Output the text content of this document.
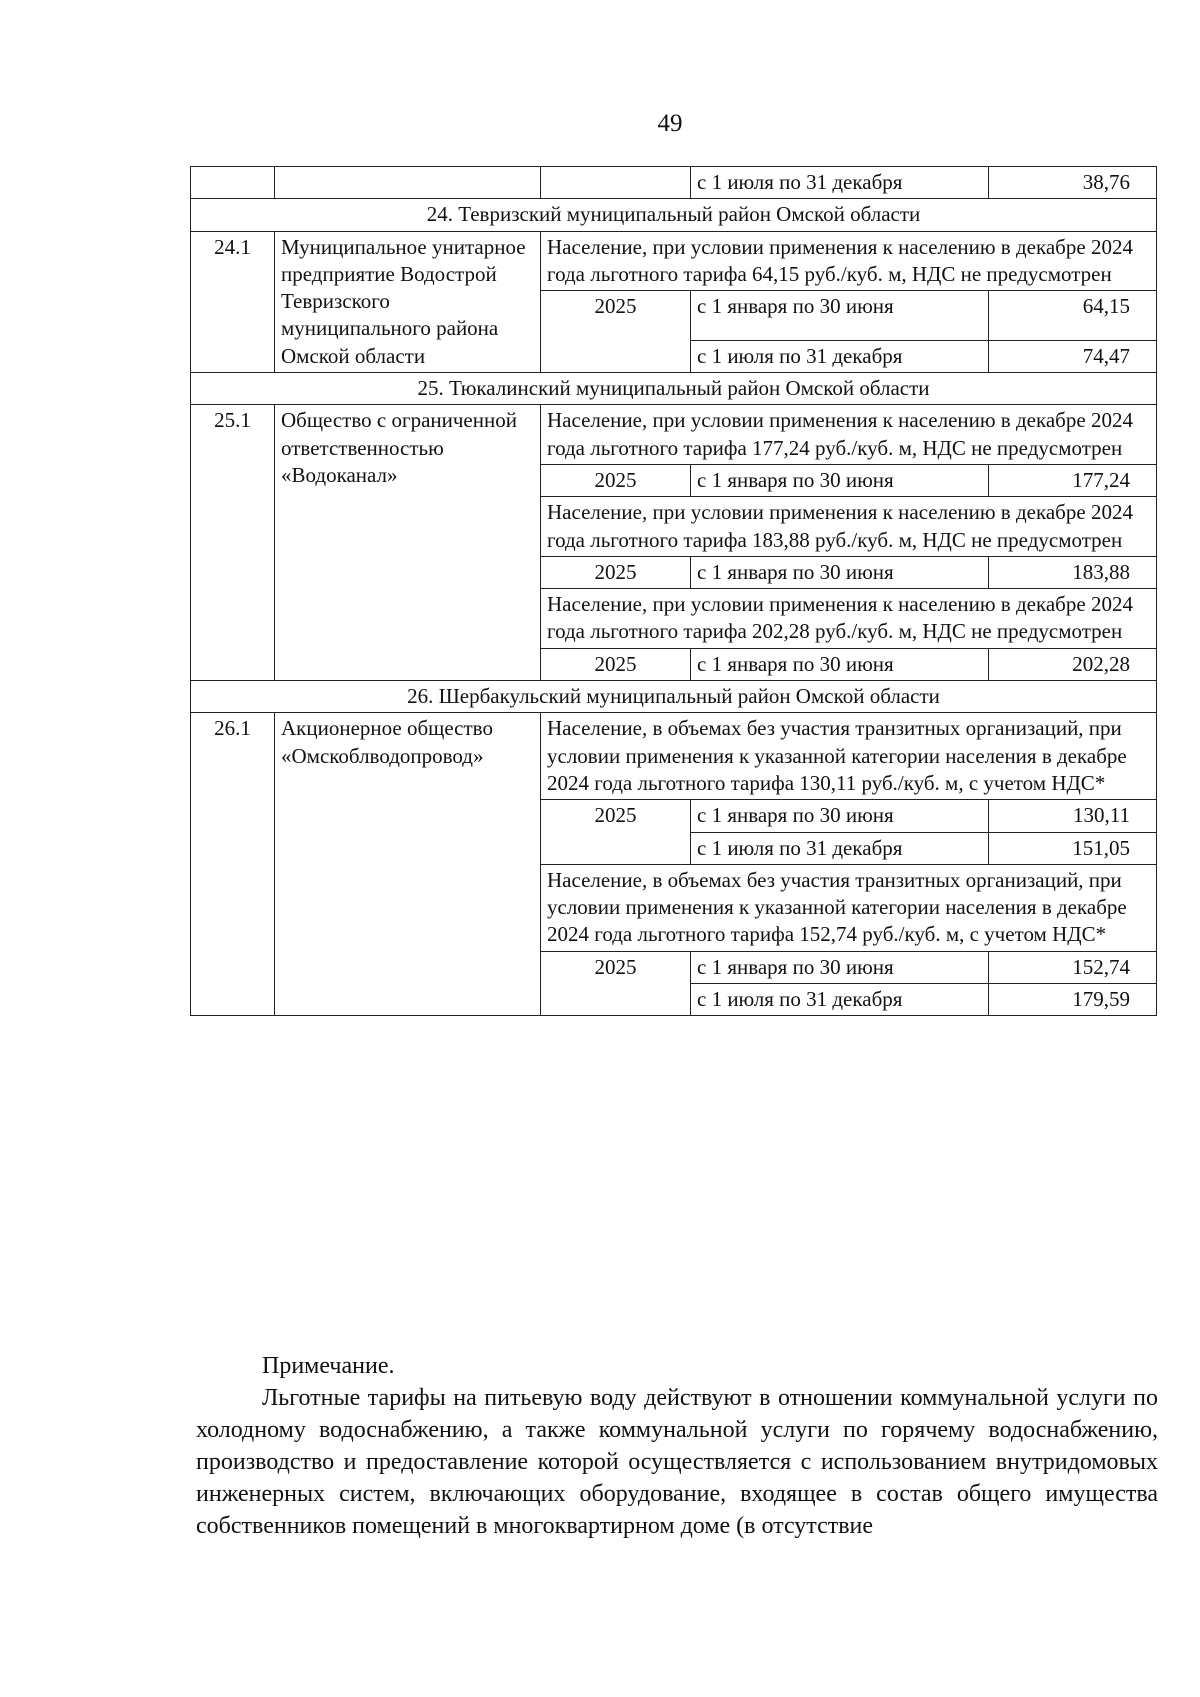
49
			с 1 июля по 31 декабря	38,76
24. Тевризский муниципальный район Омской области				
24.1	Муниципальное унитарное предприятие Водострой Тевризского муниципального района Омской области	Население, при условии применения к населению в декабре 2024 года льготного тарифа 64,15 руб./куб. м, НДС не предусмотрен		
		2025	с 1 января по 30 июня	64,15
			с 1 июля по 31 декабря	74,47
25. Тюкалинский муниципальный район Омской области				
25.1	Общество с ограниченной ответственностью «Водоканал»	Население, при условии применения к населению в декабре 2024 года льготного тарифа 177,24 руб./куб. м, НДС не предусмотрен		
		2025	с 1 января по 30 июня	177,24
		Население, при условии применения к населению в декабре 2024 года льготного тарифа 183,88 руб./куб. м, НДС не предусмотрен		
		2025	с 1 января по 30 июня	183,88
		Население, при условии применения к населению в декабре 2024 года льготного тарифа 202,28 руб./куб. м, НДС не предусмотрен		
		2025	с 1 января по 30 июня	202,28
26. Шербакульский муниципальный район Омской области				
26.1	Акционерное общество «Омскоблводопровод»	Население, в объемах без участия транзитных организаций, при условии применения к указанной категории населения в декабре 2024 года льготного тарифа 130,11 руб./куб. м, с учетом НДС*		
		2025	с 1 января по 30 июня	130,11
			с 1 июля по 31 декабря	151,05
		Население, в объемах без участия транзитных организаций, при условии применения к указанной категории населения в декабре 2024 года льготного тарифа 152,74 руб./куб. м, с учетом НДС*		
		2025	с 1 января по 30 июня	152,74
			с 1 июля по 31 декабря	179,59
Примечание.

Льготные тарифы на питьевую воду действуют в отношении коммунальной услуги по холодному водоснабжению, а также коммунальной услуги по горячему водоснабжению, производство и предоставление которой осуществляется с использованием внутридомовых инженерных систем, включающих оборудование, входящее в состав общего имущества собственников помещений в многоквартирном доме (в отсутствие
